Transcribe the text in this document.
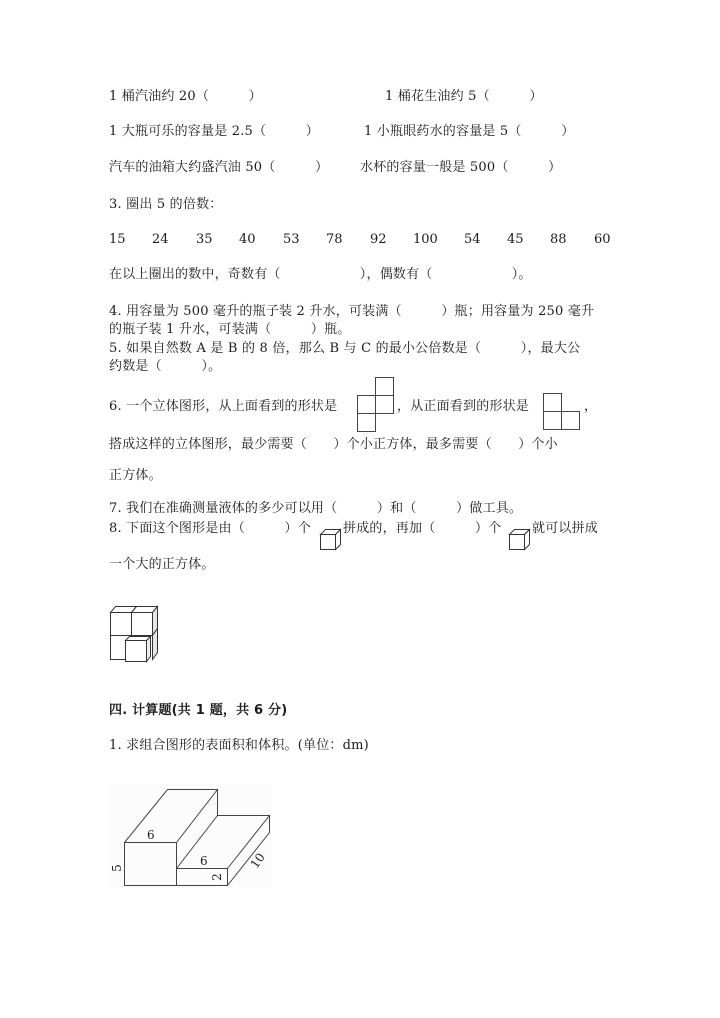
1 桶汽油约 20（　　　）	1 桶花生油约 5（　　　）
1 大瓶可乐的容量是 2.5（　　　）	1 小瓶眼药水的容量是 5（　　　）
汽车的油箱大约盛汽油 50（　　　） 水杯的容量一般是 500（　　　）
3. 圈出 5 的倍数：
15 24 35 40 53 78 92 100 54 45 88 60
在以上圈出的数中，奇数有（　　　　　　），偶数有（　　　　　　）。
4. 用容量为 500 毫升的瓶子装 2 升水，可装满（　　　）瓶；用容量为 250 毫升
的瓶子装 1 升水，可装满（　　　）瓶。
5. 如果自然数 A 是 B 的 8 倍，那么 B 与 C 的最小公倍数是（　　　），最大公
约数是（　　　）。
6. 一个立体图形，从上面看到的形状是	，从正面看到的形状是	，
搭成这样的立体图形，最少需要（　　）个小正方体，最多需要（　　）个小
正方体。
7. 我们在准确测量液体的多少可以用（　　　）和（　　　）做工具。
8. 下面这个图形是由（　　　）个 拼成的，再加（　　　）个 就可以拼成
一个大的正方体。
四. 计算题(共 1 题，共 6 分)
1. 求组合图形的表面积和体积。(单位：dm)
6
5	6
2
10
